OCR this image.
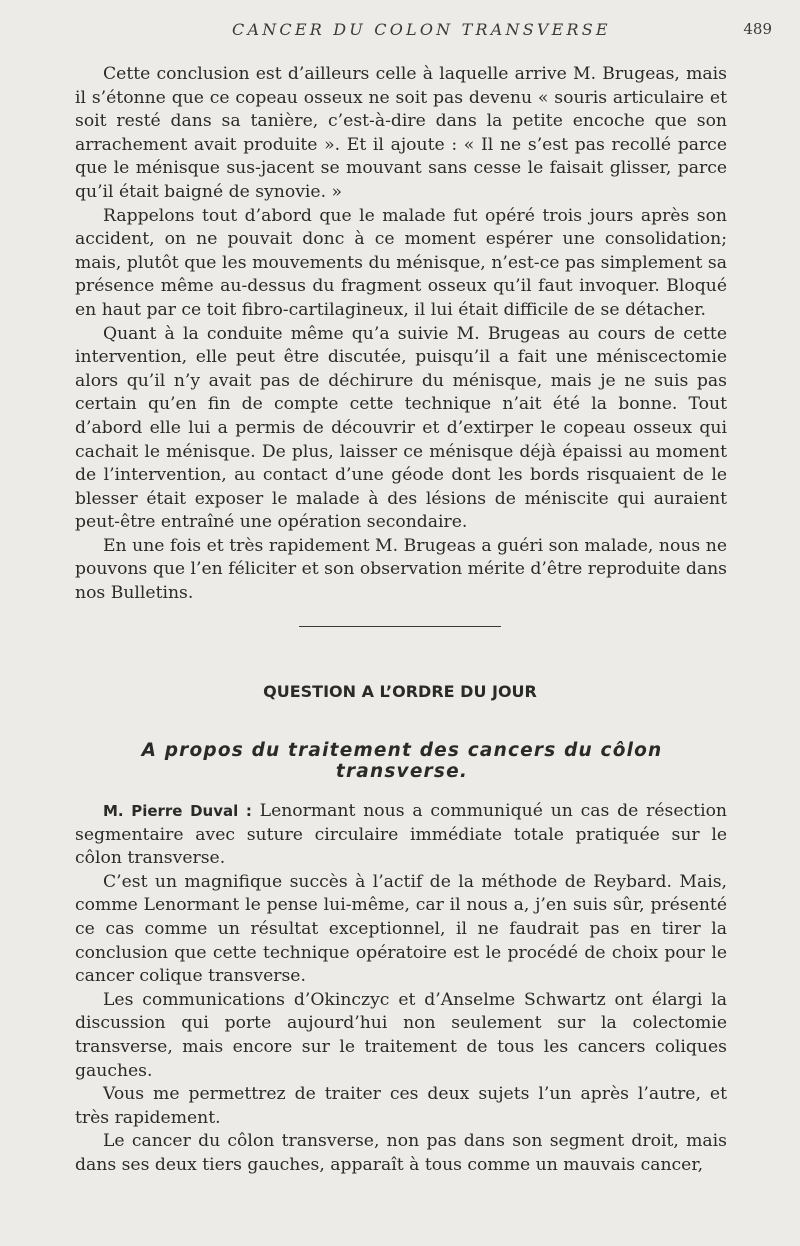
CANCER DU COLON TRANSVERSE	489

Cette conclusion est d’ailleurs celle à laquelle arrive M. Brugeas, mais il s’étonne que ce copeau osseux ne soit pas devenu « souris articulaire et soit resté dans sa tanière, c’est-à-dire dans la petite encoche que son arrachement avait produite ». Et il ajoute : « Il ne s’est pas recollé parce que le ménisque sus-jacent se mouvant sans cesse le faisait glisser, parce qu’il était baigné de synovie. »

Rappelons tout d’abord que le malade fut opéré trois jours après son accident, on ne pouvait donc à ce moment espérer une consolidation; mais, plutôt que les mouvements du ménisque, n’est-ce pas simplement sa présence même au-dessus du fragment osseux qu’il faut invoquer. Bloqué en haut par ce toit fibro-cartilagineux, il lui était difficile de se détacher.

Quant à la conduite même qu’a suivie M. Brugeas au cours de cette intervention, elle peut être discutée, puisqu’il a fait une méniscectomie alors qu’il n’y avait pas de déchirure du ménisque, mais je ne suis pas certain qu’en fin de compte cette technique n’ait été la bonne. Tout d’abord elle lui a permis de découvrir et d’extirper le copeau osseux qui cachait le ménisque. De plus, laisser ce ménisque déjà épaissi au moment de l’intervention, au contact d’une géode dont les bords risquaient de le blesser était exposer le malade à des lésions de méniscite qui auraient peut-être entraîné une opération secondaire.

En une fois et très rapidement M. Brugeas a guéri son malade, nous ne pouvons que l’en féliciter et son observation mérite d’être reproduite dans nos Bulletins.

QUESTION A L’ORDRE DU JOUR
A propos du traitement des cancers du côlon transverse.

M. Pierre Duval : Lenormant nous a communiqué un cas de résection segmentaire avec suture circulaire immédiate totale pratiquée sur le côlon transverse.

C’est un magnifique succès à l’actif de la méthode de Reybard. Mais, comme Lenormant le pense lui-même, car il nous a, j’en suis sûr, présenté ce cas comme un résultat exceptionnel, il ne faudrait pas en tirer la conclusion que cette technique opératoire est le procédé de choix pour le cancer colique transverse.

Les communications d’Okinczyc et d’Anselme Schwartz ont élargi la discussion qui porte aujourd’hui non seulement sur la colectomie transverse, mais encore sur le traitement de tous les cancers coliques gauches.

Vous me permettrez de traiter ces deux sujets l’un après l’autre, et très rapidement.

Le cancer du côlon transverse, non pas dans son segment droit, mais dans ses deux tiers gauches, apparaît à tous comme un mauvais cancer,
